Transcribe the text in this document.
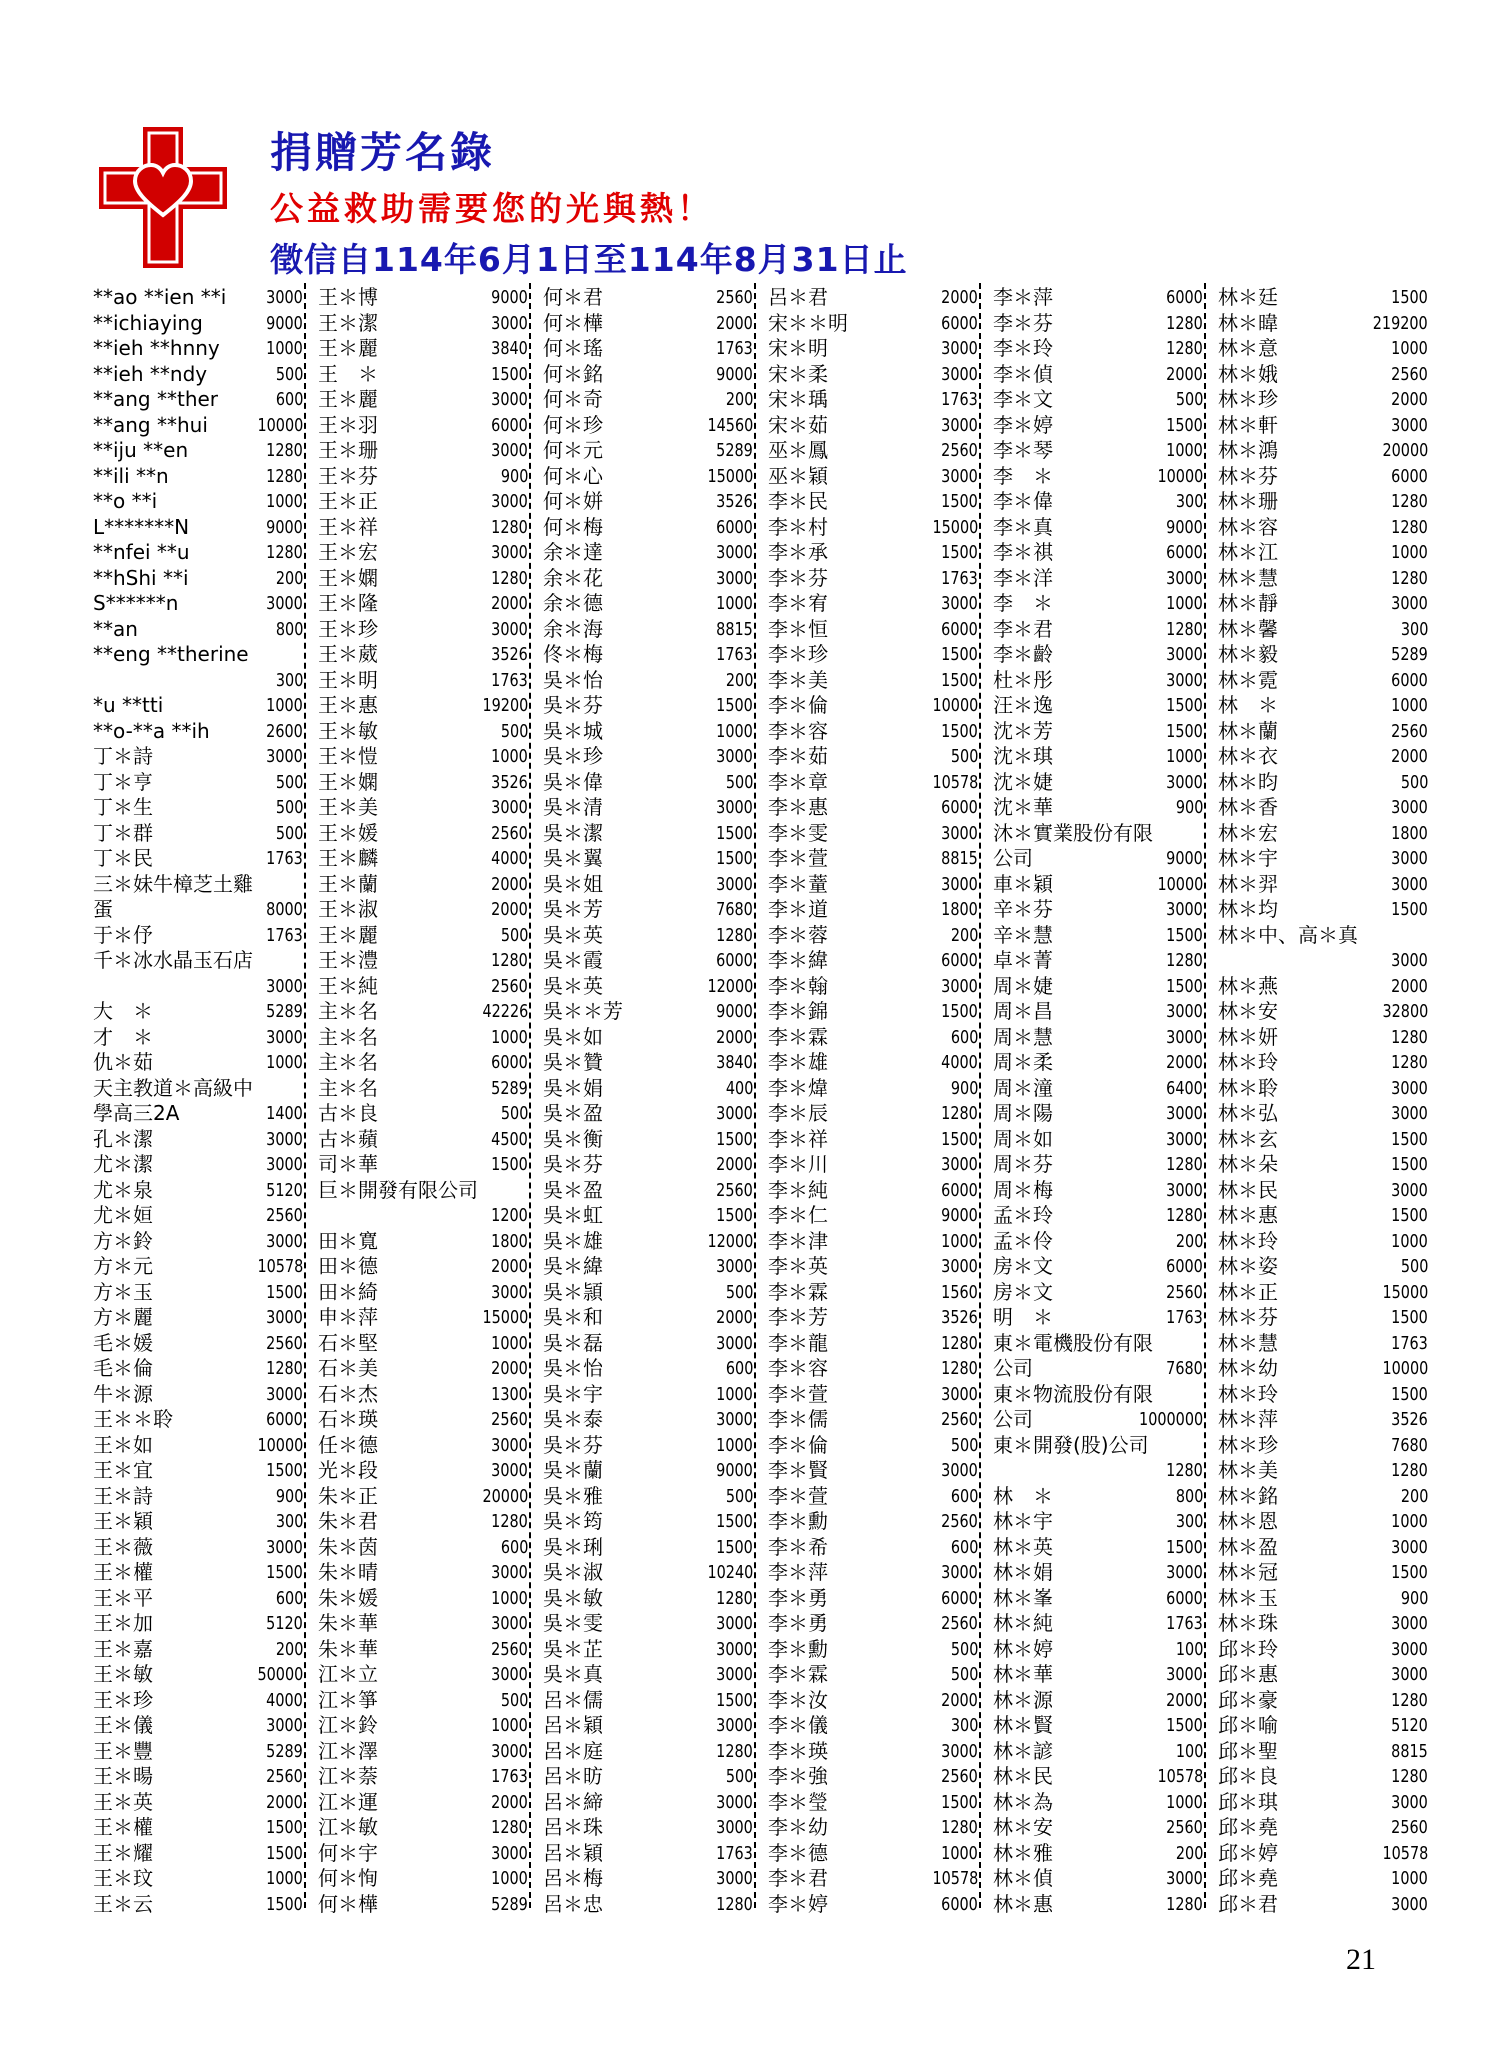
捐贈芳名錄
公益救助需要您的光與熱！
徵信自114年6月1日至114年8月31日止
**ao **ien **i 3000
**ichiaying	9000
**ieh **hnny	1000
**ieh **ndy	500
**ang **ther	600
**ang **hui	10000
**iju **en	1280
**ili **n	1280
**o **i	1000
L*******N	9000
**nfei **u	1280
**hShi **i	200
S******n	3000
**an	800
**eng **therine
300
*u **tti	1000
**o-**a **ih	2600
丁＊詩	3000
丁＊亨	500
丁＊生	500
丁＊群	500
丁＊民	1763
三＊妹牛樟芝土雞
蛋	8000
于＊伃	1763
千＊冰水晶玉石店
3000
大　＊	5289
才　＊	3000
仇＊茹	1000
天主教道＊高級中
學高三2A	1400
孔＊潔	3000
尤＊潔	3000
尤＊泉	5120
尤＊姮	2560
方＊鈴	3000
方＊元	10578
方＊玉	1500
方＊麗	3000
毛＊媛	2560
毛＊倫	1280
牛＊源	3000
王＊＊聆	6000
王＊如	10000
王＊宜	1500
王＊詩	900
王＊穎	300
王＊薇	3000
王＊權	1500
王＊平	600
王＊加	5120
王＊嘉	200
王＊敏	50000
王＊珍	4000
王＊儀	3000
王＊豐	5289
王＊暘	2560
王＊英	2000
王＊權	1500
王＊耀	1500
王＊玟	1000
王＊云	1500
王＊博	9000
王＊潔	3000
王＊麗	3840
王　＊	1500
王＊麗	3000
王＊羽	6000
王＊珊	3000
王＊芬	900
王＊正	3000
王＊祥	1280
王＊宏	3000
王＊嫻	1280
王＊隆	2000
王＊珍	3000
王＊葳	3526
王＊明	1763
王＊惠	19200
王＊敏	500
王＊愷	1000
王＊嫻	3526
王＊美	3000
王＊媛	2560
王＊麟	4000
王＊蘭	2000
王＊淑	2000
王＊麗	500
王＊澧	1280
王＊純	2560
主＊名	42226
主＊名	1000
主＊名	6000
主＊名	5289
古＊良	500
古＊蘋	4500
司＊華	1500
巨＊開發有限公司
1200
田＊寬	1800
田＊德	2000
田＊綺	3000
申＊萍	15000
石＊堅	1000
石＊美	2000
石＊杰	1300
石＊瑛	2560
任＊德	3000
光＊段	3000
朱＊正	20000
朱＊君	1280
朱＊茵	600
朱＊晴	3000
朱＊媛	1000
朱＊華	3000
朱＊華	2560
江＊立	3000
江＊箏	500
江＊鈴	1000
江＊澤	3000
江＊萘	1763
江＊運	2000
江＊敏	1280
何＊宇	3000
何＊恂	1000
何＊樺	5289
何＊君	2560
何＊樺	2000
何＊瑤	1763
何＊銘	9000
何＊奇	200
何＊珍	14560
何＊元	5289
何＊心	15000
何＊姘	3526
何＊梅	6000
余＊達	3000
余＊花	3000
余＊德	1000
余＊海	8815
佟＊梅	1763
吳＊怡	200
吳＊芬	1500
吳＊城	1000
吳＊珍	3000
吳＊偉	500
吳＊清	3000
吳＊潔	1500
吳＊翼	1500
吳＊姐	3000
吳＊芳	7680
吳＊英	1280
吳＊霞	6000
吳＊英	12000
吳＊＊芳	9000
吳＊如	2000
吳＊贊	3840
吳＊娟	400
吳＊盈	3000
吳＊衡	1500
吳＊芬	2000
吳＊盈	2560
吳＊虹	1500
吳＊雄	12000
吳＊緯	3000
吳＊頴	500
吳＊和	2000
吳＊磊	3000
吳＊怡	600
吳＊宇	1000
吳＊泰	3000
吳＊芬	1000
吳＊蘭	9000
吳＊雅	500
吳＊筠	1500
吳＊琍	1500
吳＊淑	10240
吳＊敏	1280
吳＊雯	3000
吳＊芷	3000
吳＊真	3000
呂＊儒	1500
呂＊穎	3000
呂＊庭	1280
呂＊昉	500
呂＊締	3000
呂＊珠	3000
呂＊穎	1763
呂＊梅	3000
呂＊忠	1280
呂＊君	2000
宋＊＊明	6000
宋＊明	3000
宋＊柔	3000
宋＊瑀	1763
宋＊茹	3000
巫＊鳳	2560
巫＊穎	3000
李＊民	1500
李＊村	15000
李＊承	1500
李＊芬	1763
李＊宥	3000
李＊恒	6000
李＊珍	1500
李＊美	1500
李＊倫	10000
李＊容	1500
李＊茹	500
李＊章	10578
李＊惠	6000
李＊雯	3000
李＊萱	8815
李＊蕫	3000
李＊道	1800
李＊蓉	200
李＊緯	6000
李＊翰	3000
李＊錦	1500
李＊霖	600
李＊雄	4000
李＊煒	900
李＊辰	1280
李＊祥	1500
李＊川	3000
李＊純	6000
李＊仁	9000
李＊津	1000
李＊英	3000
李＊霖	1560
李＊芳	3526
李＊龍	1280
李＊容	1280
李＊萱	3000
李＊儒	2560
李＊倫	500
李＊賢	3000
李＊萱	600
李＊勳	2560
李＊希	600
李＊萍	3000
李＊勇	6000
李＊勇	2560
李＊勳	500
李＊霖	500
李＊汝	2000
李＊儀	300
李＊瑛	3000
李＊強	2560
李＊瑩	1500
李＊幼	1280
李＊德	1000
李＊君	10578
李＊婷	6000
李＊萍	6000
李＊芬	1280
李＊玲	1280
李＊偵	2000
李＊文	500
李＊婷	1500
李＊琴	1000
李　＊	10000
李＊偉	300
李＊真	9000
李＊祺	6000
李＊洋	3000
李　＊	1000
李＊君	1280
李＊齡	3000
杜＊彤	3000
汪＊逸	1500
沈＊芳	1500
沈＊琪	1000
沈＊婕	3000
沈＊華	900
沐＊實業股份有限
公司	9000
車＊穎	10000
辛＊芬	3000
辛＊慧	1500
卓＊菁	1280
周＊婕	1500
周＊昌	3000
周＊慧	3000
周＊柔	2000
周＊潼	6400
周＊陽	3000
周＊如	3000
周＊芬	1280
周＊梅	3000
孟＊玲	1280
孟＊伶	200
房＊文	6000
房＊文	2560
明　＊	1763
東＊電機股份有限
公司	7680
東＊物流股份有限
公司	1000000
東＊開發(股)公司
1280
林　＊	800
林＊宇	300
林＊英	1500
林＊娟	3000
林＊峯	6000
林＊純	1763
林＊婷	100
林＊華	3000
林＊源	2000
林＊賢	1500
林＊諺	100
林＊民	10578
林＊為	1000
林＊安	2560
林＊雅	200
林＊偵	3000
林＊惠	1280
林＊廷	1500
林＊暐	219200
林＊意	1000
林＊娥	2560
林＊珍	2000
林＊軒	3000
林＊鴻	20000
林＊芬	6000
林＊珊	1280
林＊容	1280
林＊江	1000
林＊慧	1280
林＊靜	3000
林＊馨	300
林＊毅	5289
林＊霓	6000
林　＊	1000
林＊蘭	2560
林＊衣	2000
林＊昀	500
林＊香	3000
林＊宏	1800
林＊宇	3000
林＊羿	3000
林＊均	1500
林＊中、高＊真
3000
林＊燕	2000
林＊安	32800
林＊妍	1280
林＊玲	1280
林＊聆	3000
林＊弘	3000
林＊玄	1500
林＊朵	1500
林＊民	3000
林＊惠	1500
林＊玲	1000
林＊姿	500
林＊正	15000
林＊芬	1500
林＊慧	1763
林＊幼	10000
林＊玲	1500
林＊萍	3526
林＊珍	7680
林＊美	1280
林＊銘	200
林＊恩	1000
林＊盈	3000
林＊冠	1500
林＊玉	900
林＊珠	3000
邱＊玲	3000
邱＊惠	3000
邱＊豪	1280
邱＊喻	5120
邱＊聖	8815
邱＊良	1280
邱＊琪	3000
邱＊堯	2560
邱＊婷	10578
邱＊堯	1000
邱＊君	3000
21
